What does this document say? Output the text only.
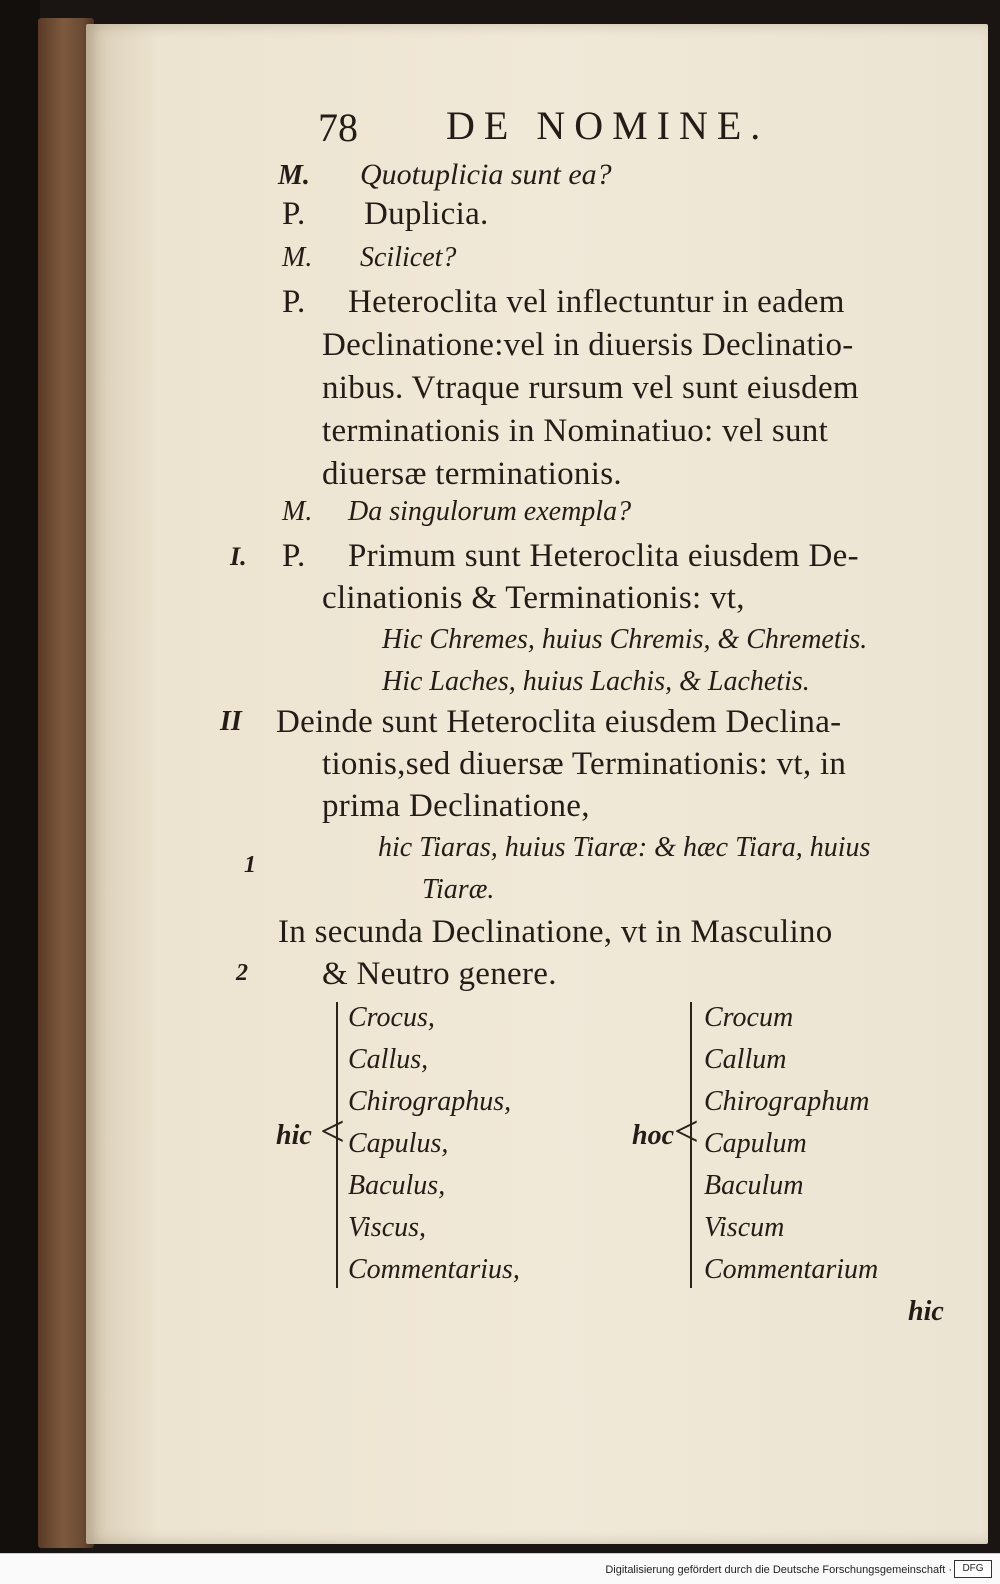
78 DE NOMINE.
M. Quotuplicia sunt ea?
P. Duplicia.
M. Scilicet?
P. Heteroclita vel inflectuntur in eadem
Declinatione:vel in diuersis Declinatio-
nibus. Vtraque rursum vel sunt eiusdem
terminationis in Nominatiuo: vel sunt
diuersæ terminationis.
M. Da singulorum exempla?
I. P. Primum sunt Heteroclita eiusdem De-
clinationis & Terminationis: vt,
Hic Chremes, huius Chremis, & Chremetis.
Hic Laches, huius Lachis, & Lachetis.
II Deinde sunt Heteroclita eiusdem Declina-
tionis,sed diuersæ Terminationis: vt, in
prima Declinatione,
1
hic Tiaras, huius Tiaræ: & hæc Tiara, huius
Tiaræ.
In secunda Declinatione, vt in Masculino
2 & Neutro genere.
hic <
Crocus,
Callus,
Chirographus,
Capulus,
Baculus,
Viscus,
Commentarius,
hoc <
Crocum
Callum
Chirographum
Capulum
Baculum
Viscum
Commentarium
hic
Digitalisierung gefördert durch die Deutsche Forschungsgemeinschaft ·	DFG
